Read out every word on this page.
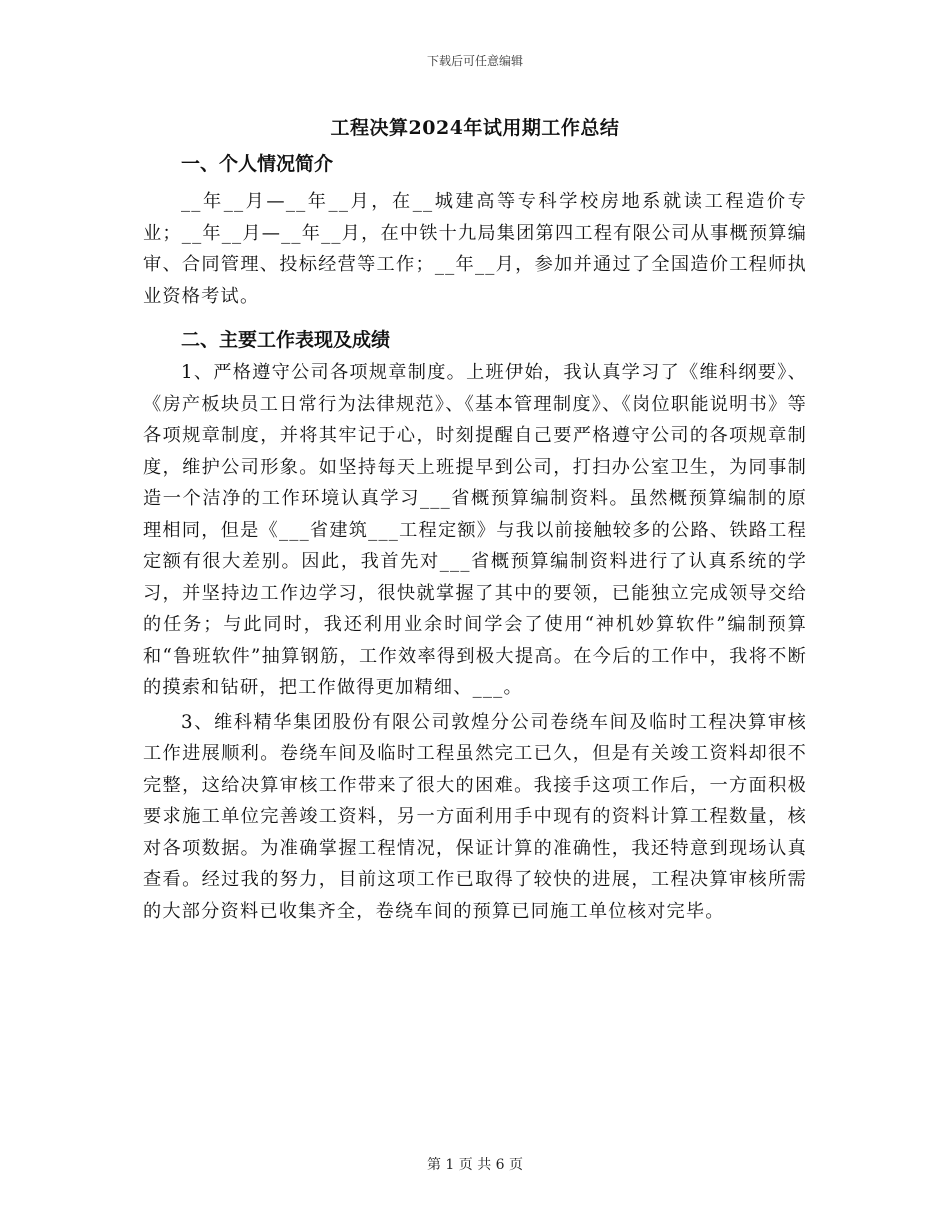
下载后可任意编辑
工程决算2024年试用期工作总结
一、个人情况简介

__年__月—__年__月，在__城建高等专科学校房地系就读工程造价专业；__年__月—__年__月，在中铁十九局集团第四工程有限公司从事概预算编审、合同管理、投标经营等工作；__年__月，参加并通过了全国造价工程师执业资格考试。

二、主要工作表现及成绩

1、严格遵守公司各项规章制度。上班伊始，我认真学习了《维科纲要》、《房产板块员工日常行为法律规范》、《基本管理制度》、《岗位职能说明书》等各项规章制度，并将其牢记于心，时刻提醒自己要严格遵守公司的各项规章制度，维护公司形象。如坚持每天上班提早到公司，打扫办公室卫生，为同事制造一个洁净的工作环境认真学习___省概预算编制资料。虽然概预算编制的原理相同，但是《___省建筑___工程定额》与我以前接触较多的公路、铁路工程定额有很大差别。因此，我首先对___省概预算编制资料进行了认真系统的学习，并坚持边工作边学习，很快就掌握了其中的要领，已能独立完成领导交给的任务；与此同时，我还利用业余时间学会了使用“神机妙算软件”编制预算和“鲁班软件”抽算钢筋，工作效率得到极大提高。在今后的工作中，我将不断的摸索和钻研，把工作做得更加精细、___。

3、维科精华集团股份有限公司敦煌分公司卷绕车间及临时工程决算审核工作进展顺利。卷绕车间及临时工程虽然完工已久，但是有关竣工资料却很不完整，这给决算审核工作带来了很大的困难。我接手这项工作后，一方面积极要求施工单位完善竣工资料，另一方面利用手中现有的资料计算工程数量，核对各项数据。为准确掌握工程情况，保证计算的准确性，我还特意到现场认真查看。经过我的努力，目前这项工作已取得了较快的进展，工程决算审核所需的大部分资料已收集齐全，卷绕车间的预算已同施工单位核对完毕。

第 1 页 共 6 页
